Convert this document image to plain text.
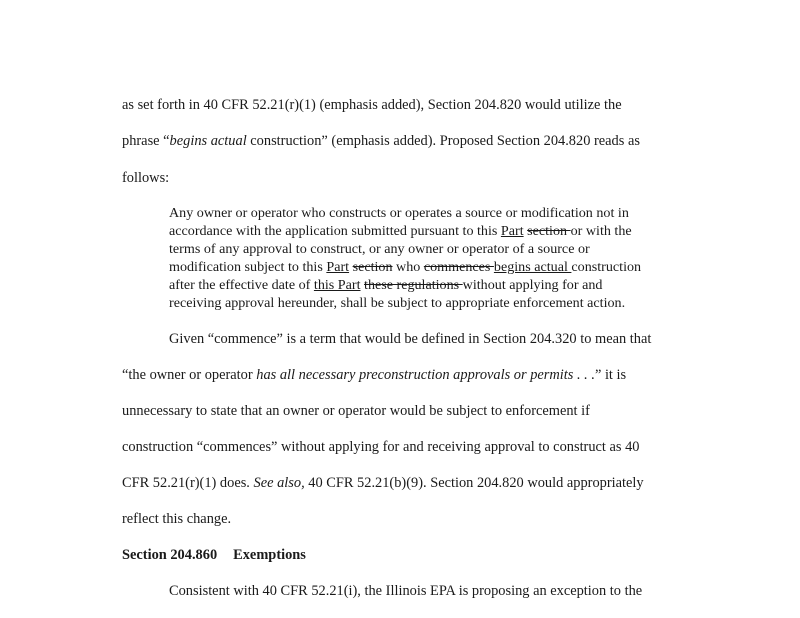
as set forth in 40 CFR 52.21(r)(1) (emphasis added), Section 204.820 would utilize the
phrase “begins actual construction” (emphasis added). Proposed Section 204.820 reads as
follows:

Any owner or operator who constructs or operates a source or modification not in

accordance with the application submitted pursuant to this Part section or with the

terms of any approval to construct, or any owner or operator of a source or

modification subject to this Part section who commences begins actual construction

after the effective date of this Part these regulations without applying for and

receiving approval hereunder, shall be subject to appropriate enforcement action.

Given “commence” is a term that would be defined in Section 204.320 to mean that
“the owner or operator has all necessary preconstruction approvals or permits . . .” it is
unnecessary to state that an owner or operator would be subject to enforcement if
construction “commences” without applying for and receiving approval to construct as 40
CFR 52.21(r)(1) does. See also, 40 CFR 52.21(b)(9). Section 204.820 would appropriately
reflect this change.
Section 204.860 Exemptions
Consistent with 40 CFR 52.21(i), the Illinois EPA is proposing an exception to the
